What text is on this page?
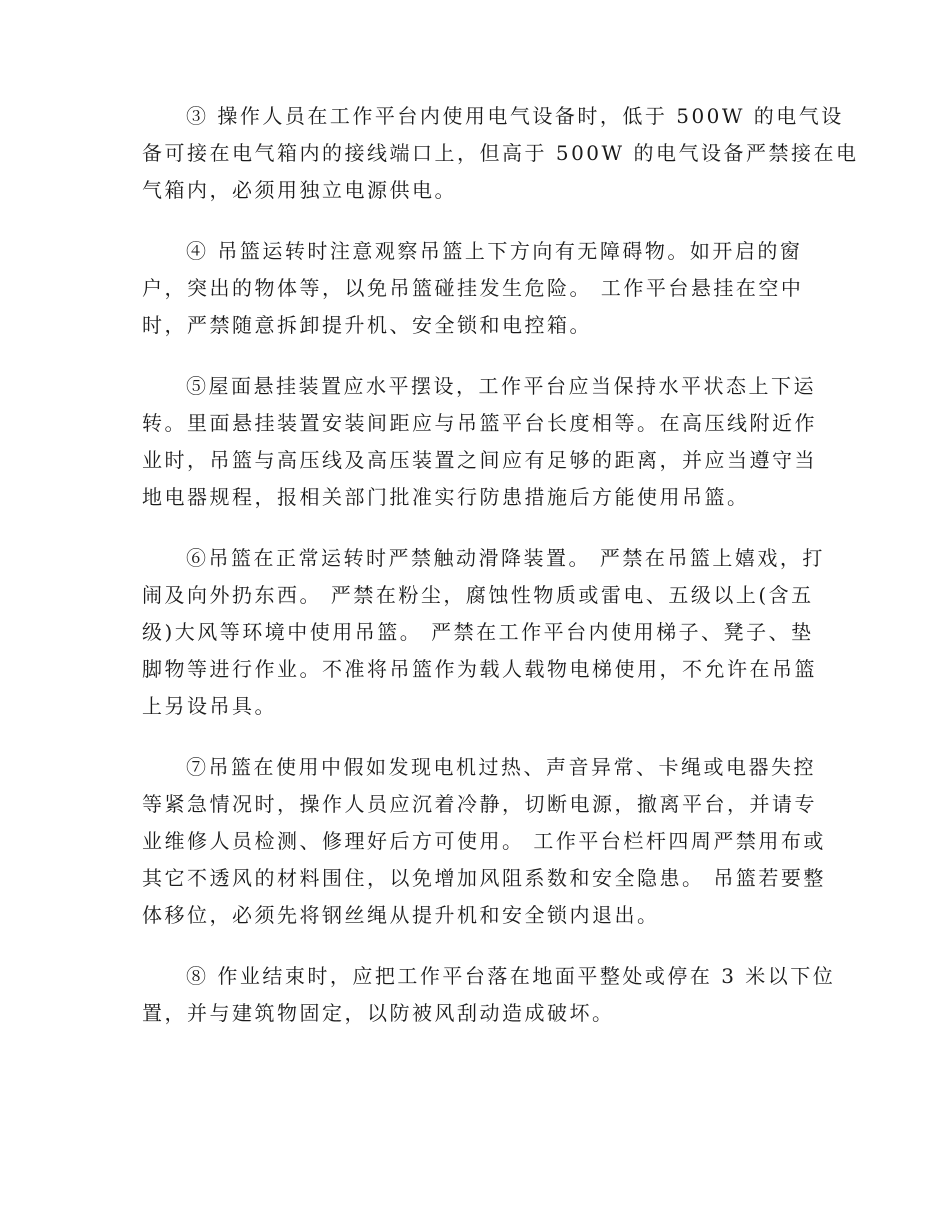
③ 操作人员在工作平台内使用电气设备时，低于 500W 的电气设
备可接在电气箱内的接线端口上，但高于 500W 的电气设备严禁接在电
气箱内，必须用独立电源供电。

④ 吊篮运转时注意观察吊篮上下方向有无障碍物。如开启的窗
户，突出的物体等，以免吊篮碰挂发生危险。 工作平台悬挂在空中
时，严禁随意拆卸提升机、安全锁和电控箱。

⑤屋面悬挂装置应水平摆设，工作平台应当保持水平状态上下运
转。里面悬挂装置安装间距应与吊篮平台长度相等。在高压线附近作
业时，吊篮与高压线及高压装置之间应有足够的距离，并应当遵守当
地电器规程，报相关部门批准实行防患措施后方能使用吊篮。

⑥吊篮在正常运转时严禁触动滑降装置。 严禁在吊篮上嬉戏，打
闹及向外扔东西。 严禁在粉尘，腐蚀性物质或雷电、五级以上(含五
级)大风等环境中使用吊篮。 严禁在工作平台内使用梯子、凳子、垫
脚物等进行作业。不准将吊篮作为载人载物电梯使用，不允许在吊篮
上另设吊具。

⑦吊篮在使用中假如发现电机过热、声音异常、卡绳或电器失控
等紧急情况时，操作人员应沉着冷静，切断电源，撤离平台，并请专
业维修人员检测、修理好后方可使用。 工作平台栏杆四周严禁用布或
其它不透风的材料围住，以免增加风阻系数和安全隐患。 吊篮若要整
体移位，必须先将钢丝绳从提升机和安全锁内退出。

⑧ 作业结束时，应把工作平台落在地面平整处或停在 3 米以下位
置，并与建筑物固定，以防被风刮动造成破坏。
